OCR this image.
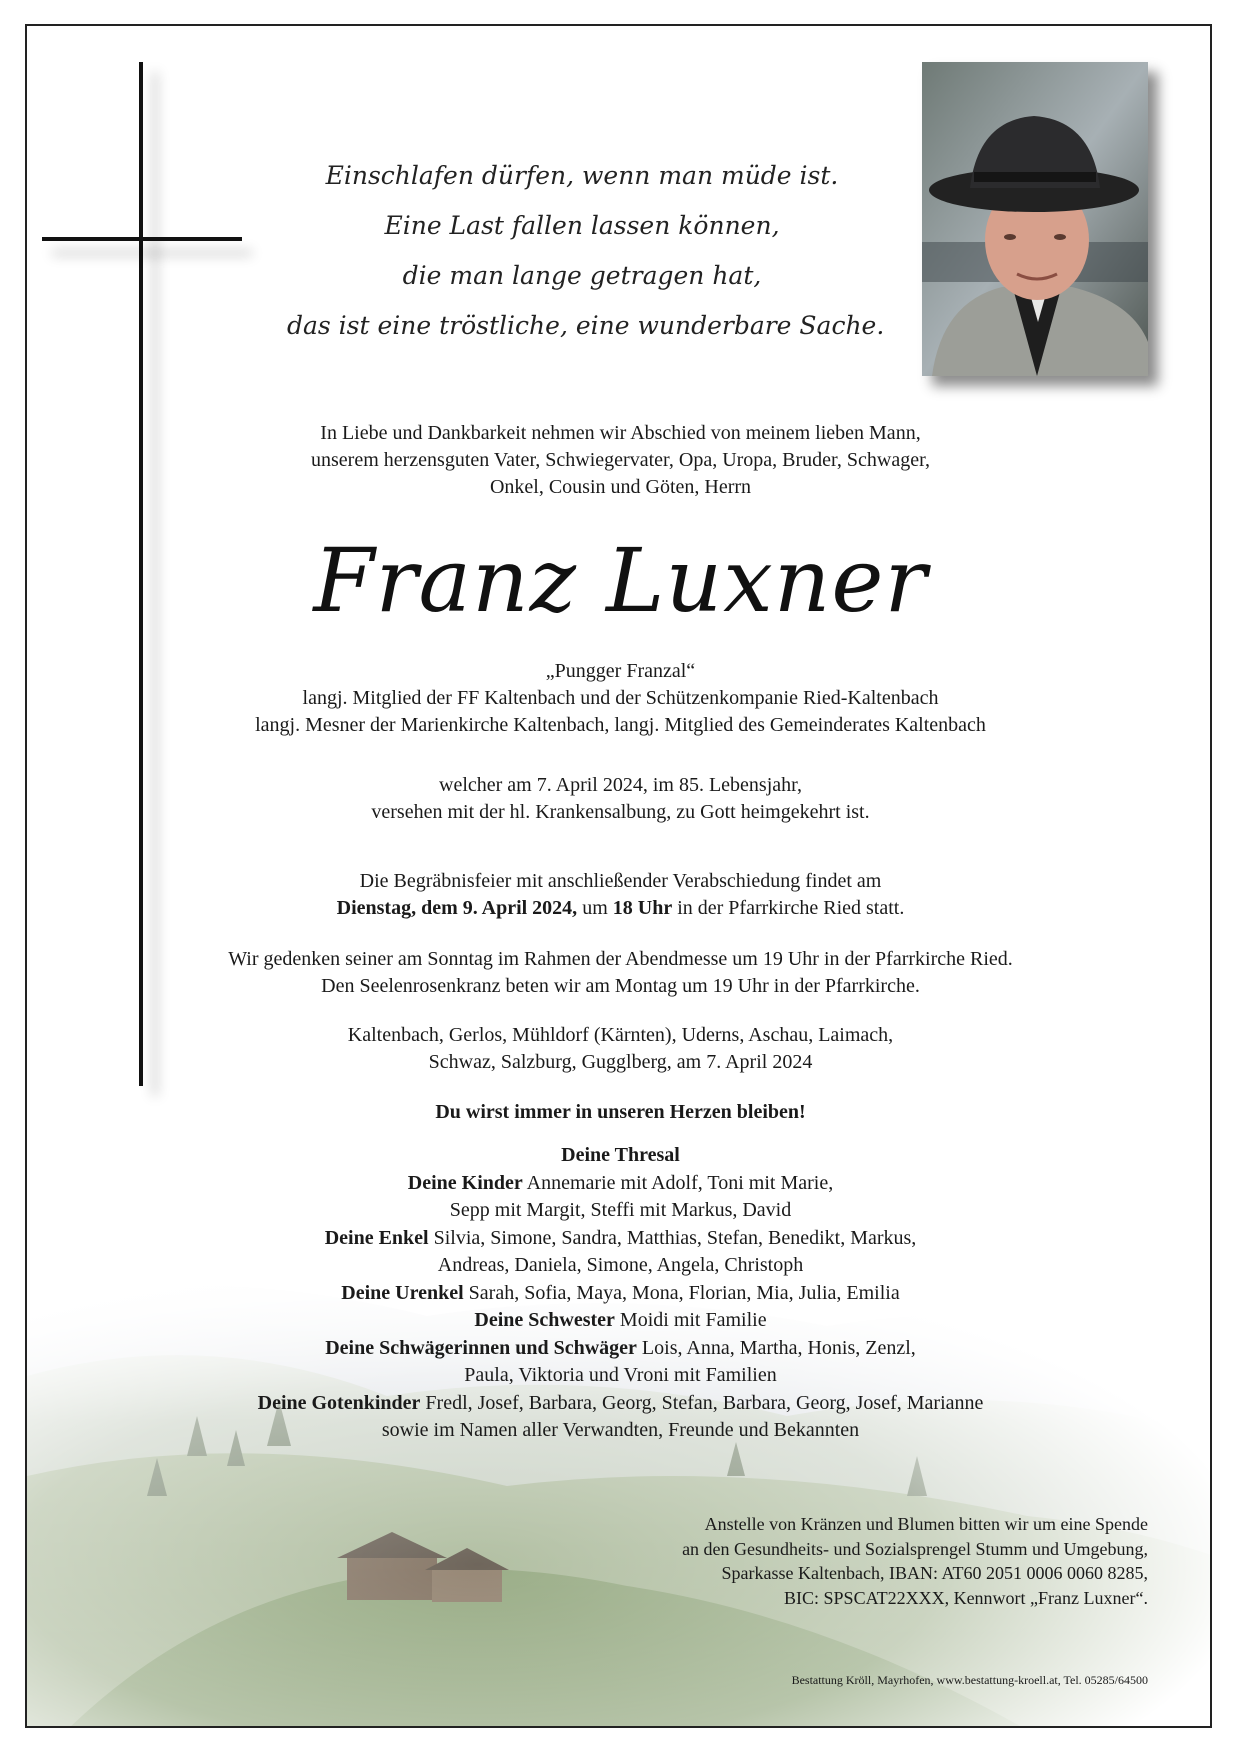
Einschlafen dürfen, wenn man müde ist.
Eine Last fallen lassen können,
die man lange getragen hat,
das ist eine tröstliche, eine wunderbare Sache.
In Liebe und Dankbarkeit nehmen wir Abschied von meinem lieben Mann,
unserem herzensguten Vater, Schwiegervater, Opa, Uropa, Bruder, Schwager,
Onkel, Cousin und Göten, Herrn
Franz Luxner
„Pungger Franzal“
langj. Mitglied der FF Kaltenbach und der Schützenkompanie Ried-Kaltenbach
langj. Mesner der Marienkirche Kaltenbach, langj. Mitglied des Gemeinderates Kaltenbach
welcher am 7. April 2024, im 85. Lebensjahr,
versehen mit der hl. Krankensalbung, zu Gott heimgekehrt ist.
Die Begräbnisfeier mit anschließender Verabschiedung findet am
Dienstag, dem 9. April 2024, um 18 Uhr in der Pfarrkirche Ried statt.
Wir gedenken seiner am Sonntag im Rahmen der Abendmesse um 19 Uhr in der Pfarrkirche Ried.
Den Seelenrosenkranz beten wir am Montag um 19 Uhr in der Pfarrkirche.
Kaltenbach, Gerlos, Mühldorf (Kärnten), Uderns, Aschau, Laimach,
Schwaz, Salzburg, Gugglberg, am 7. April 2024
Du wirst immer in unseren Herzen bleiben!
Deine Thresal
Deine Kinder Annemarie mit Adolf, Toni mit Marie,
Sepp mit Margit, Steffi mit Markus, David
Deine Enkel Silvia, Simone, Sandra, Matthias, Stefan, Benedikt, Markus,
Andreas, Daniela, Simone, Angela, Christoph
Deine Urenkel Sarah, Sofia, Maya, Mona, Florian, Mia, Julia, Emilia
Deine Schwester Moidi mit Familie
Deine Schwägerinnen und Schwäger Lois, Anna, Martha, Honis, Zenzl,
Paula, Viktoria und Vroni mit Familien
Deine Gotenkinder Fredl, Josef, Barbara, Georg, Stefan, Barbara, Georg, Josef, Marianne
sowie im Namen aller Verwandten, Freunde und Bekannten
Anstelle von Kränzen und Blumen bitten wir um eine Spende
an den Gesundheits- und Sozialsprengel Stumm und Umgebung,
Sparkasse Kaltenbach, IBAN: AT60 2051 0006 0060 8285,
BIC: SPSCAT22XXX, Kennwort „Franz Luxner“.
Bestattung Kröll, Mayrhofen, www.bestattung-kroell.at, Tel. 05285/64500
